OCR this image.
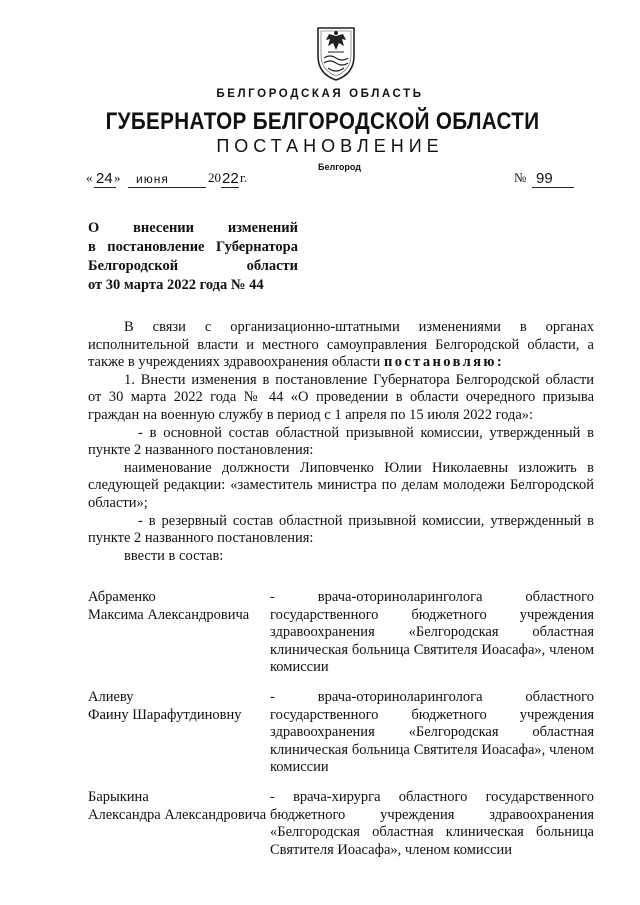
БЕЛГОРОДСКАЯ ОБЛАСТЬ
ГУБЕРНАТОР БЕЛГОРОДСКОЙ ОБЛАСТИ
ПОСТАНОВЛЕНИЕ
Белгород
« 24 » июня	20 22 г.	№ 99
О внесении изменений
в постановление Губернатора
Белгородской	области
от 30 марта 2022 года № 44

В связи с организационно-штатными изменениями в органах исполнительной власти и местного самоуправления Белгородской области, а также в учреждениях здравоохранения области постановляю:

1. Внести изменения в постановление Губернатора Белгородской области от 30 марта 2022 года № 44 «О проведении в области очередного призыва граждан на военную службу в период с 1 апреля по 15 июля 2022 года»:

- в основной состав областной призывной комиссии, утвержденный в пункте 2 названного постановления:

наименование должности Липовченко Юлии Николаевны изложить в следующей редакции: «заместитель министра по делам молодежи Белгородской области»;

- в резервный состав областной призывной комиссии, утвержденный в пункте 2 названного постановления:

ввести в состав:

Абраменко
Максима Александровича
- врача-оториноларинголога областного государственного бюджетного учреждения здравоохранения «Белгородская областная клиническая больница Святителя Иоасафа», членом комиссии
Алиеву
Фаину Шарафутдиновну
- врача-оториноларинголога областного государственного бюджетного учреждения здравоохранения «Белгородская областная клиническая больница Святителя Иоасафа», членом комиссии
Барыкина
Александра Александровича
- врача-хирурга областного государственного бюджетного учреждения здравоохранения «Белгородская областная клиническая больница Святителя Иоасафа», членом комиссии
